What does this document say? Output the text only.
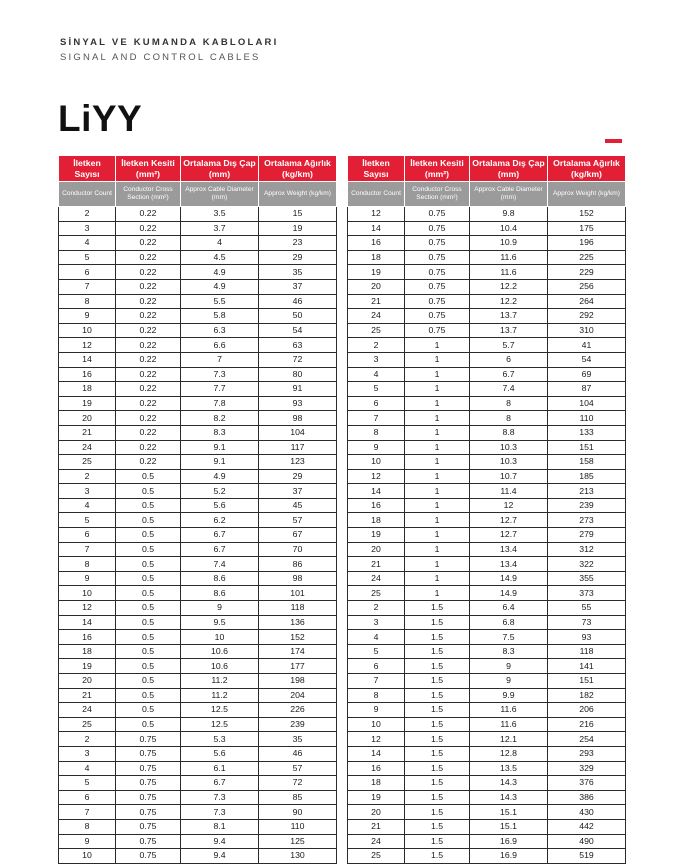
SİNYAL VE KUMANDA KABLOLARI
SIGNAL AND CONTROL CABLES
LiYY
İletken Sayısı	İletken Kesiti (mm²)	Ortalama Dış Çap (mm)	Ortalama Ağırlık (kg/km)
Conductor Count	Conductor Cross Section (mm²)	Approx Cable Diameter (mm)	Approx Weight (kg/km)
2	0.22	3.5	15
3	0.22	3.7	19
4	0.22	4	23
5	0.22	4.5	29
6	0.22	4.9	35
7	0.22	4.9	37
8	0.22	5.5	46
9	0.22	5.8	50
10	0.22	6.3	54
12	0.22	6.6	63
14	0.22	7	72
16	0.22	7.3	80
18	0.22	7.7	91
19	0.22	7.8	93
20	0.22	8.2	98
21	0.22	8.3	104
24	0.22	9.1	117
25	0.22	9.1	123
2	0.5	4.9	29
3	0.5	5.2	37
4	0.5	5.6	45
5	0.5	6.2	57
6	0.5	6.7	67
7	0.5	6.7	70
8	0.5	7.4	86
9	0.5	8.6	98
10	0.5	8.6	101
12	0.5	9	118
14	0.5	9.5	136
16	0.5	10	152
18	0.5	10.6	174
19	0.5	10.6	177
20	0.5	11.2	198
21	0.5	11.2	204
24	0.5	12.5	226
25	0.5	12.5	239
2	0.75	5.3	35
3	0.75	5.6	46
4	0.75	6.1	57
5	0.75	6.7	72
6	0.75	7.3	85
7	0.75	7.3	90
8	0.75	8.1	110
9	0.75	9.4	125
10	0.75	9.4	130
İletken Sayısı	İletken Kesiti (mm²)	Ortalama Dış Çap (mm)	Ortalama Ağırlık (kg/km)
Conductor Count	Conductor Cross Section (mm²)	Approx Cable Diameter (mm)	Approx Weight (kg/km)
12	0.75	9.8	152
14	0.75	10.4	175
16	0.75	10.9	196
18	0.75	11.6	225
19	0.75	11.6	229
20	0.75	12.2	256
21	0.75	12.2	264
24	0.75	13.7	292
25	0.75	13.7	310
2	1	5.7	41
3	1	6	54
4	1	6.7	69
5	1	7.4	87
6	1	8	104
7	1	8	110
8	1	8.8	133
9	1	10.3	151
10	1	10.3	158
12	1	10.7	185
14	1	11.4	213
16	1	12	239
18	1	12.7	273
19	1	12.7	279
20	1	13.4	312
21	1	13.4	322
24	1	14.9	355
25	1	14.9	373
2	1.5	6.4	55
3	1.5	6.8	73
4	1.5	7.5	93
5	1.5	8.3	118
6	1.5	9	141
7	1.5	9	151
8	1.5	9.9	182
9	1.5	11.6	206
10	1.5	11.6	216
12	1.5	12.1	254
14	1.5	12.8	293
16	1.5	13.5	329
18	1.5	14.3	376
19	1.5	14.3	386
20	1.5	15.1	430
21	1.5	15.1	442
24	1.5	16.9	490
25	1.5	16.9	519
